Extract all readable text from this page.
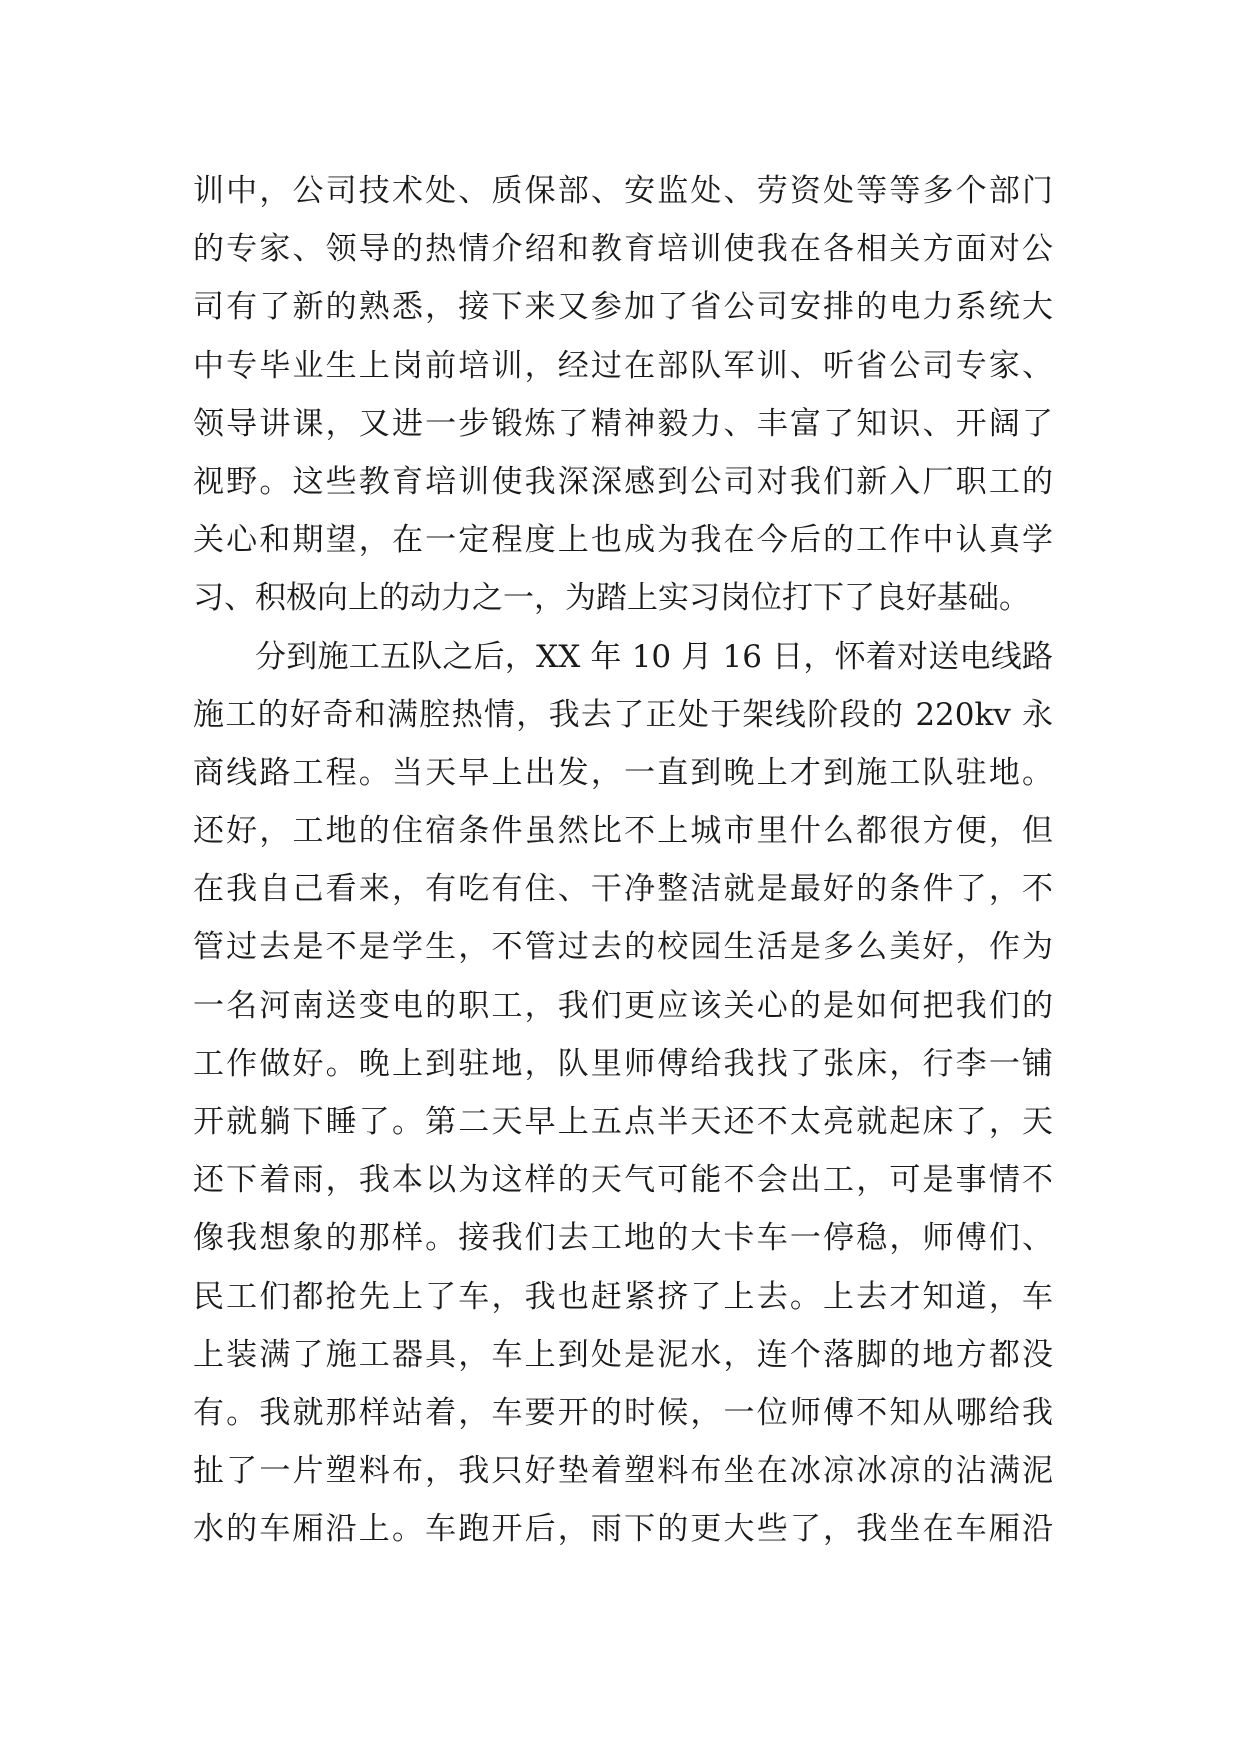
训中，公司技术处、质保部、安监处、劳资处等等多个部门
的专家、领导的热情介绍和教育培训使我在各相关方面对公
司有了新的熟悉，接下来又参加了省公司安排的电力系统大
中专毕业生上岗前培训，经过在部队军训、听省公司专家、
领导讲课，又进一步锻炼了精神毅力、丰富了知识、开阔了
视野。这些教育培训使我深深感到公司对我们新入厂职工的
关心和期望，在一定程度上也成为我在今后的工作中认真学
习、积极向上的动力之一，为踏上实习岗位打下了良好基础。
分到施工五队之后，XX 年 10 月 16 日，怀着对送电线路
施工的好奇和满腔热情，我去了正处于架线阶段的 220kv 永
商线路工程。当天早上出发，一直到晚上才到施工队驻地。
还好，工地的住宿条件虽然比不上城市里什么都很方便，但
在我自己看来，有吃有住、干净整洁就是最好的条件了，不
管过去是不是学生，不管过去的校园生活是多么美好，作为
一名河南送变电的职工，我们更应该关心的是如何把我们的
工作做好。晚上到驻地，队里师傅给我找了张床，行李一铺
开就躺下睡了。第二天早上五点半天还不太亮就起床了，天
还下着雨，我本以为这样的天气可能不会出工，可是事情不
像我想象的那样。接我们去工地的大卡车一停稳，师傅们、
民工们都抢先上了车，我也赶紧挤了上去。上去才知道，车
上装满了施工器具，车上到处是泥水，连个落脚的地方都没
有。我就那样站着，车要开的时候，一位师傅不知从哪给我
扯了一片塑料布，我只好垫着塑料布坐在冰凉冰凉的沾满泥
水的车厢沿上。车跑开后，雨下的更大些了，我坐在车厢沿
